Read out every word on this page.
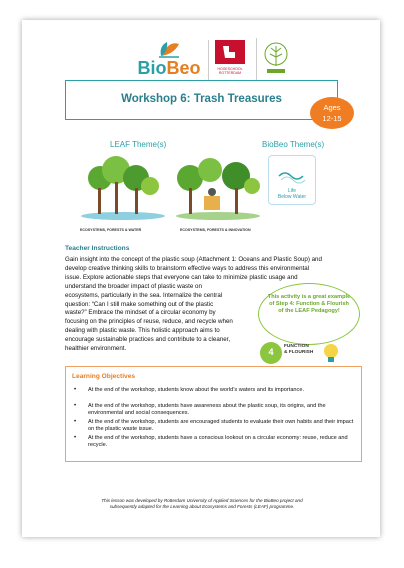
BioBeo	HOGESCHOOL ROTTERDAM
Workshop 6: Trash Treasures
Ages
12-15
LEAF Theme(s)	BioBeo Theme(s)
ECOSYSTEMS, FORESTS & WATER	ECOSYSTEMS, FORESTS & INNOVATION
Life
Below Water
Teacher Instructions
Gain insight into the concept of the plastic soup (Attachment 1: Oceans and Plastic Soup) and
develop creative thinking skills to brainstorm effective ways to address this environmental
issue. Explore actionable steps that everyone can take to minimize plastic usage and
understand the broader impact of plastic waste on
ecosystems, particularly in the sea. Internalize the central
question: “Can I still make something out of the plastic
waste?” Embrace the mindset of a circular economy by
focusing on the principles of reuse, reduce, and recycle when
dealing with plastic waste. This holistic approach aims to
encourage sustainable practices and contribute to a cleaner,
healthier environment.
This activity is a great example of Step 4: Function & Flourish of the LEAF Pedagogy!
4
FUNCTION
& FLOURISH
Learning Objectives
• At the end of the workshop, students know about the world’s waters and its importance.
• At the end of the workshop, students have awareness about the plastic soup, its origins, and the environmental and social consequences.
• At the end of the workshop, students are encouraged students to evaluate their own habits and their impact on the plastic waste issue.
• At the end of the workshop, students have a conscious lookout on a circular economy: reuse, reduce and recycle.
This lesson was developed by Rotterdam University of Applied Sciences for the BioBeo project and
subsequently adapted for the Learning about Ecosystems and Forests (LEAF) programme.
